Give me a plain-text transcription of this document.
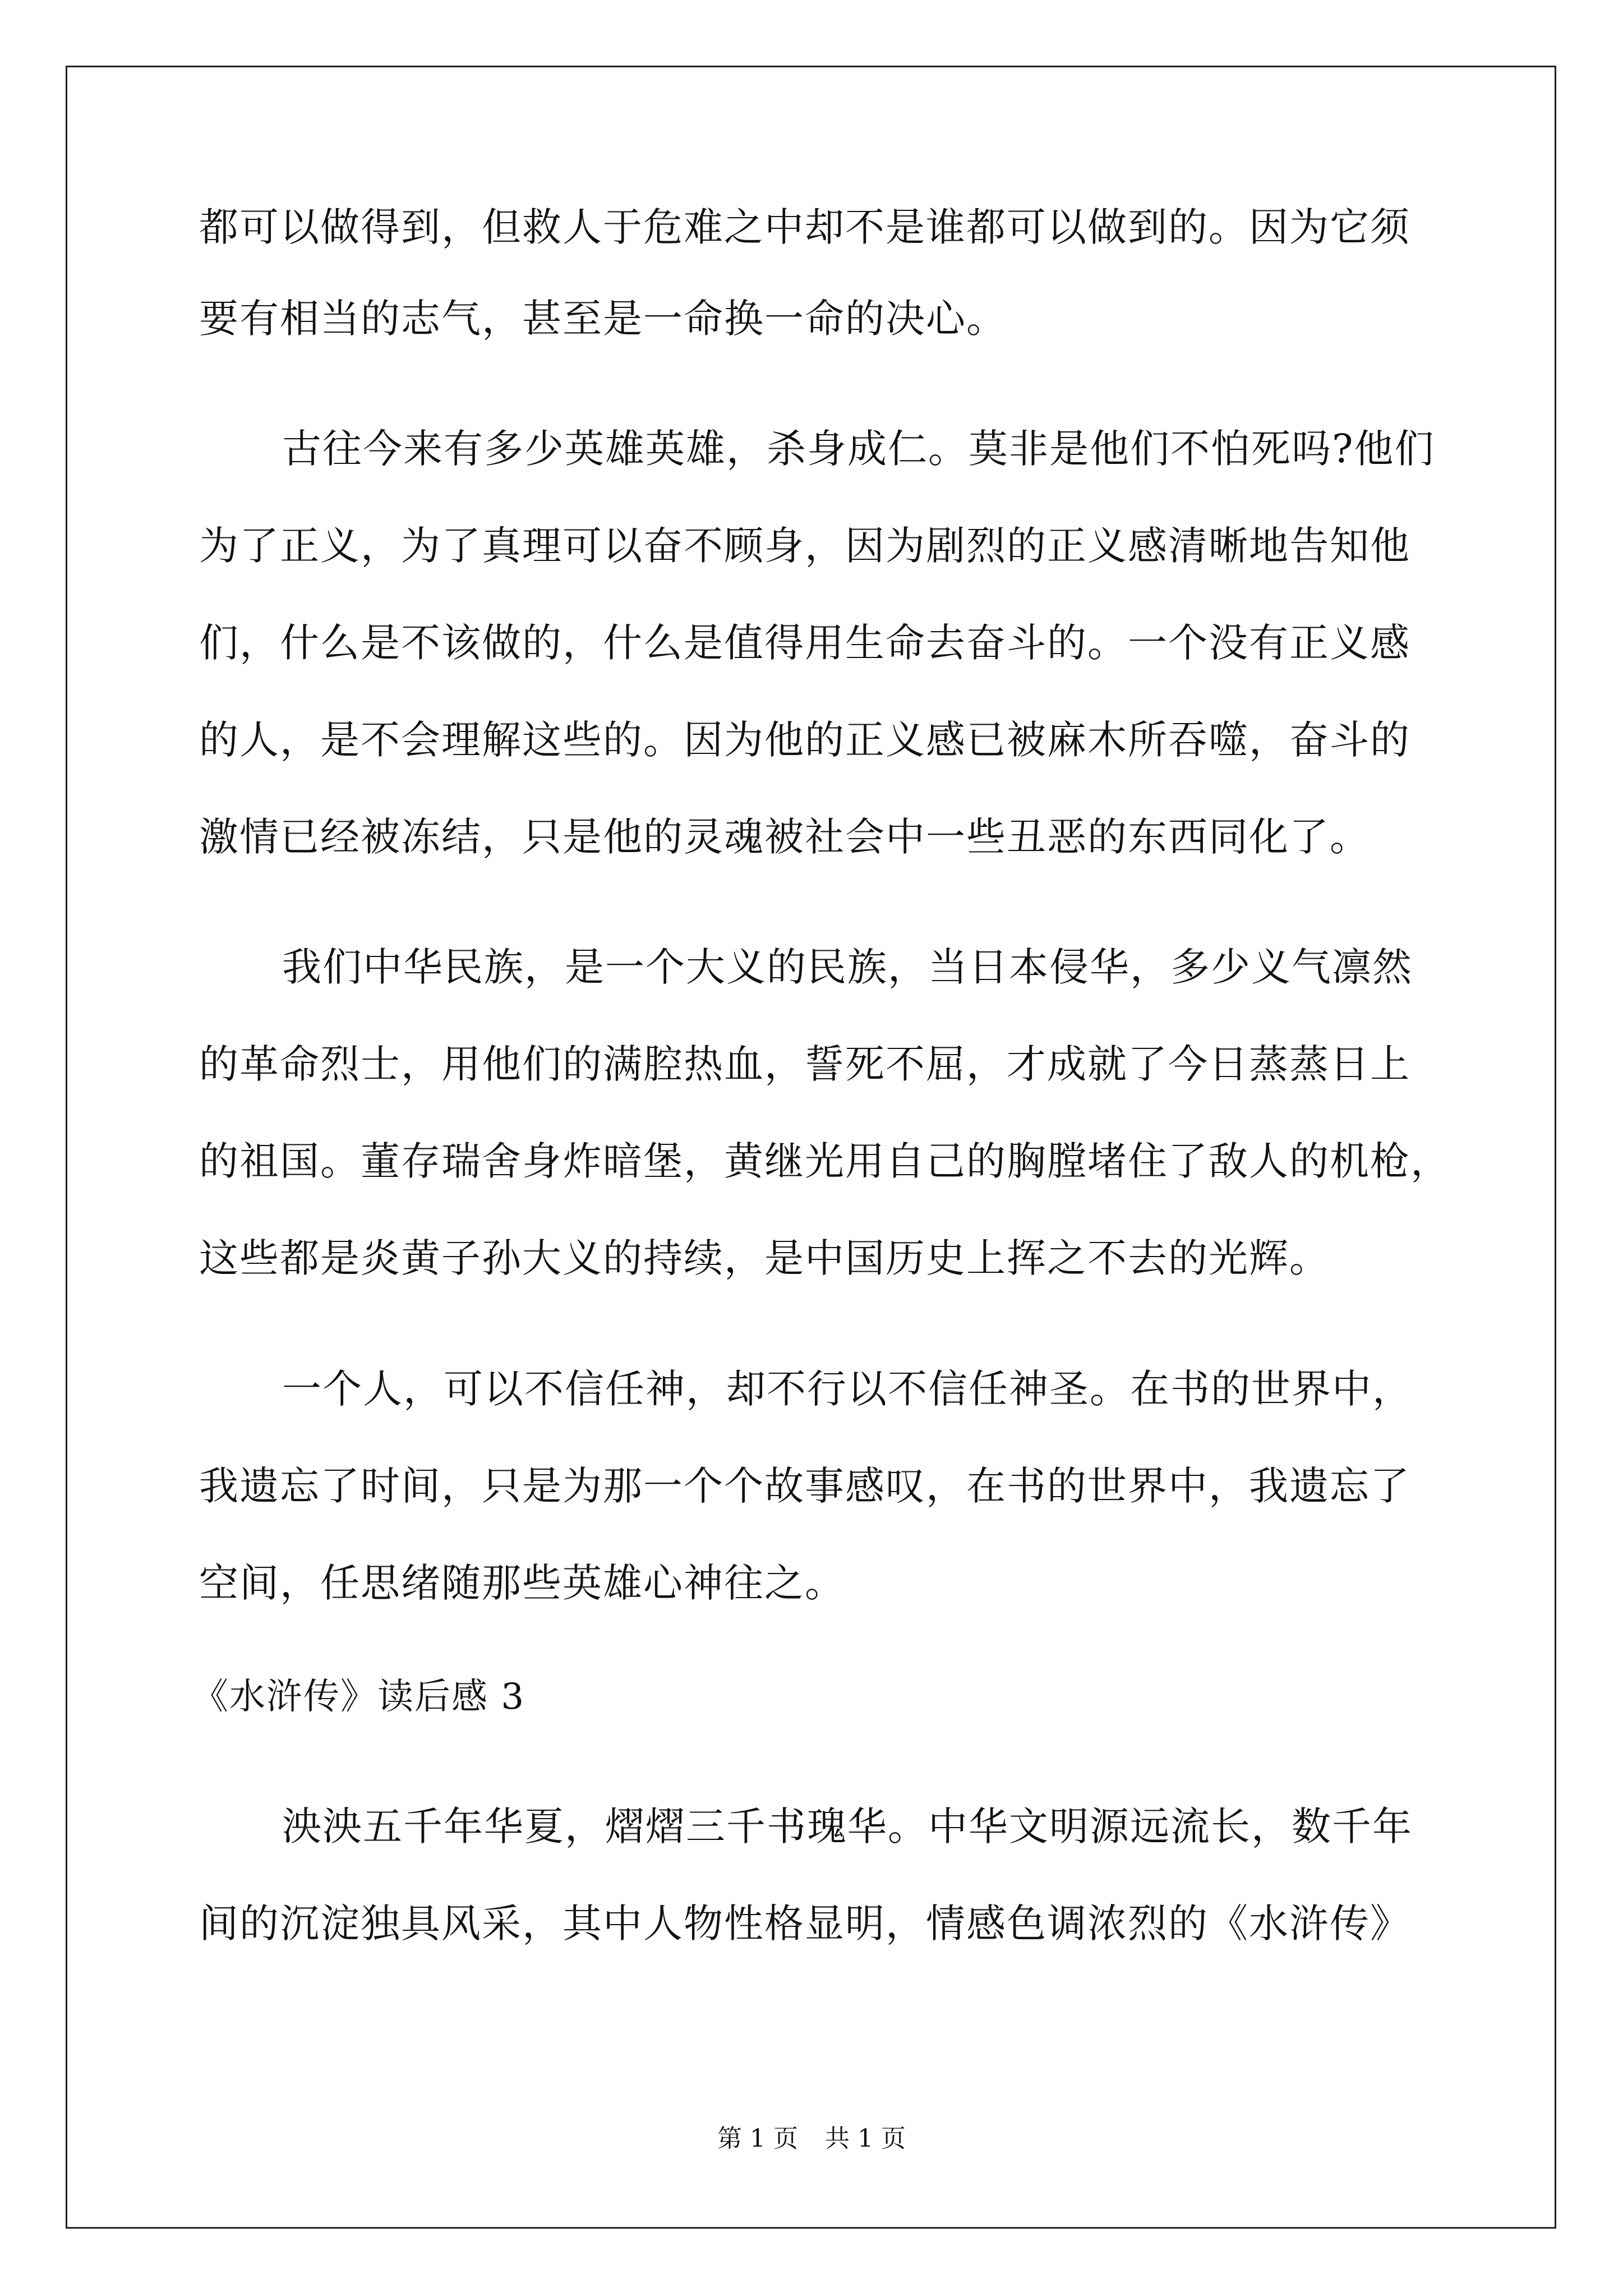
都可以做得到，但救人于危难之中却不是谁都可以做到的。因为它须
要有相当的志气，甚至是一命换一命的决心。
古往今来有多少英雄英雄，杀身成仁。莫非是他们不怕死吗?他们
为了正义，为了真理可以奋不顾身，因为剧烈的正义感清晰地告知他
们，什么是不该做的，什么是值得用生命去奋斗的。一个没有正义感
的人，是不会理解这些的。因为他的正义感已被麻木所吞噬，奋斗的
激情已经被冻结，只是他的灵魂被社会中一些丑恶的东西同化了。
我们中华民族，是一个大义的民族，当日本侵华，多少义气凛然
的革命烈士，用他们的满腔热血，誓死不屈，才成就了今日蒸蒸日上
的祖国。董存瑞舍身炸暗堡，黄继光用自己的胸膛堵住了敌人的机枪，
这些都是炎黄子孙大义的持续，是中国历史上挥之不去的光辉。
一个人，可以不信任神，却不行以不信任神圣。在书的世界中，
我遗忘了时间，只是为那一个个故事感叹，在书的世界中，我遗忘了
空间，任思绪随那些英雄心神往之。
《水浒传》读后感 3
泱泱五千年华夏，熠熠三千书瑰华。中华文明源远流长，数千年
间的沉淀独具风采，其中人物性格显明，情感色调浓烈的《水浒传》
第 1 页 共 1 页
